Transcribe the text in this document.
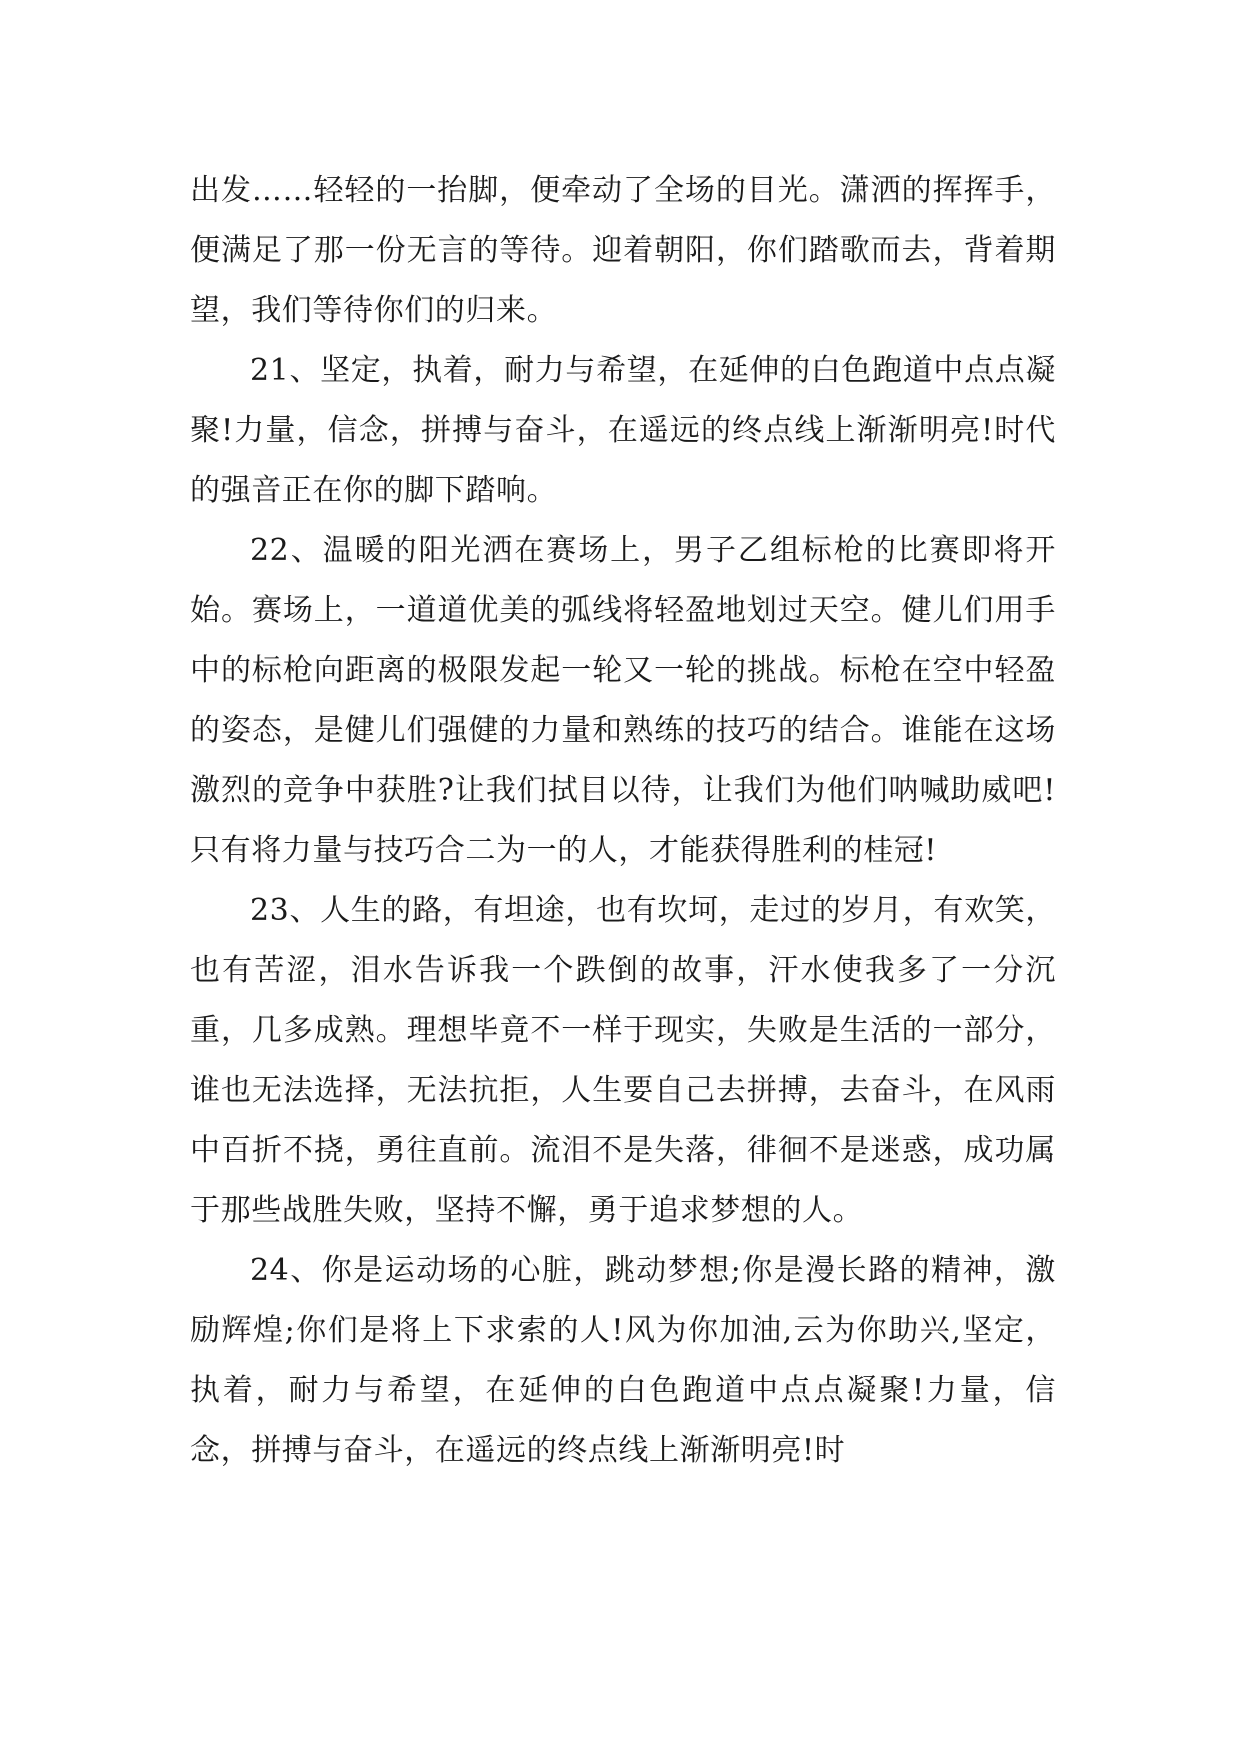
出发……轻轻的一抬脚，便牵动了全场的目光。潇洒的挥挥手，便满足了那一份无言的等待。迎着朝阳，你们踏歌而去，背着期望，我们等待你们的归来。

21、坚定，执着，耐力与希望，在延伸的白色跑道中点点凝聚!力量，信念，拼搏与奋斗，在遥远的终点线上渐渐明亮!时代的强音正在你的脚下踏响。

22、温暖的阳光洒在赛场上，男子乙组标枪的比赛即将开始。赛场上，一道道优美的弧线将轻盈地划过天空。健儿们用手中的标枪向距离的极限发起一轮又一轮的挑战。标枪在空中轻盈的姿态，是健儿们强健的力量和熟练的技巧的结合。谁能在这场激烈的竞争中获胜?让我们拭目以待，让我们为他们呐喊助威吧!只有将力量与技巧合二为一的人，才能获得胜利的桂冠!

23、人生的路，有坦途，也有坎坷，走过的岁月，有欢笑，也有苦涩，泪水告诉我一个跌倒的故事，汗水使我多了一分沉重，几多成熟。理想毕竟不一样于现实，失败是生活的一部分，谁也无法选择，无法抗拒，人生要自己去拼搏，去奋斗，在风雨中百折不挠，勇往直前。流泪不是失落，徘徊不是迷惑，成功属于那些战胜失败，坚持不懈，勇于追求梦想的人。

24、你是运动场的心脏，跳动梦想;你是漫长路的精神，激励辉煌;你们是将上下求索的人!风为你加油,云为你助兴,坚定，执着，耐力与希望，在延伸的白色跑道中点点凝聚!力量，信念，拼搏与奋斗，在遥远的终点线上渐渐明亮!时
